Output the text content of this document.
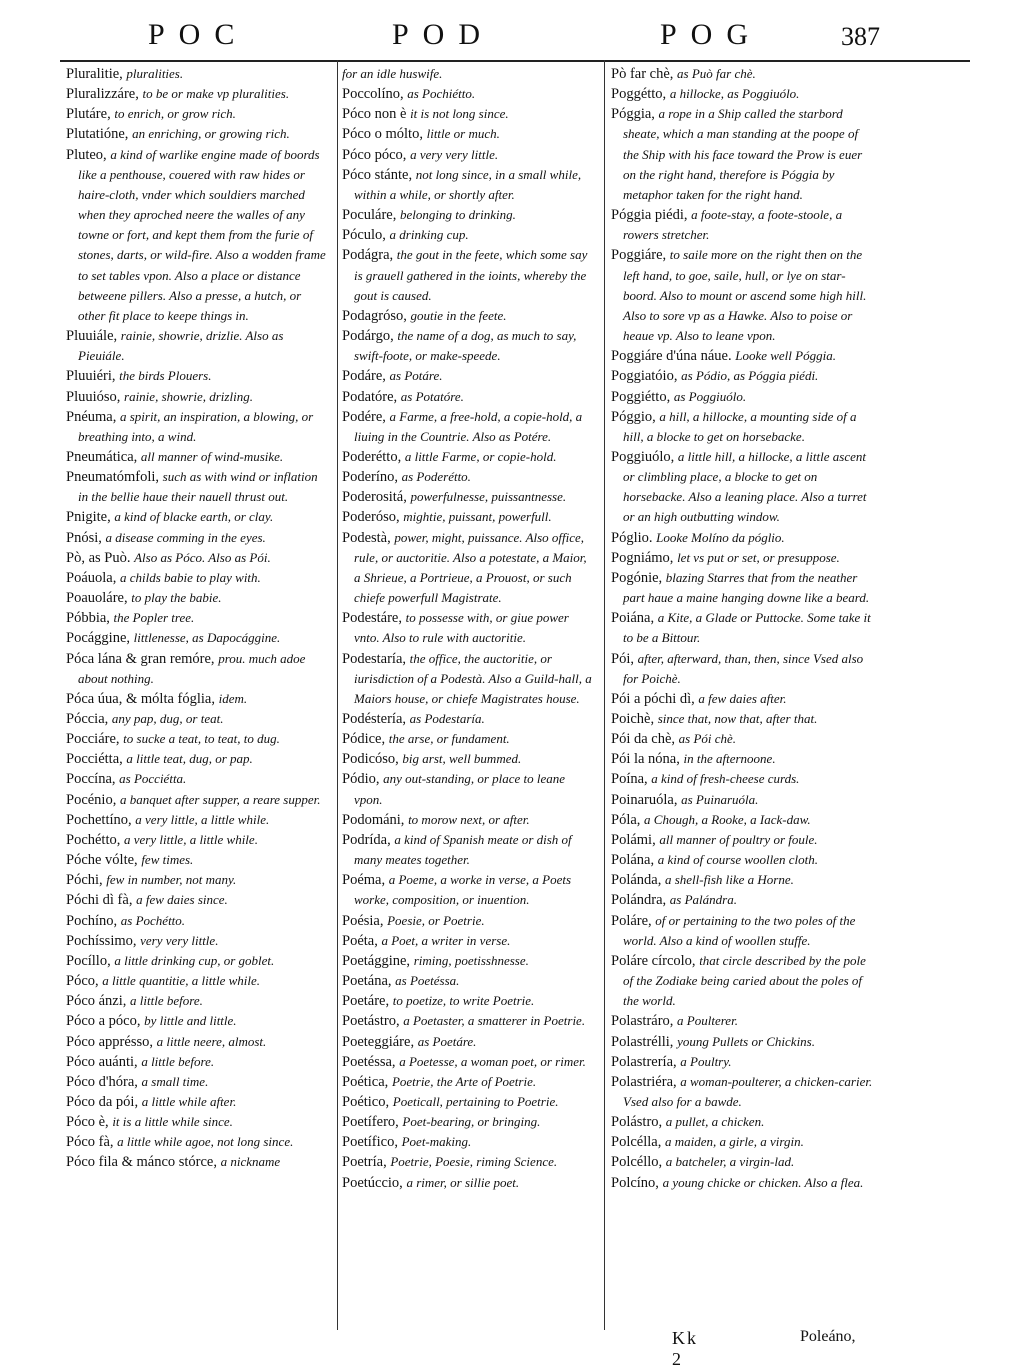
POC	POD	POG	387

Pluralitie, pluralities.

Pluralizzáre, to be or make vp pluralities.

Plutáre, to enrich, or grow rich.

Plutatióne, an enriching, or growing rich.

Pluteo, a kind of warlike engine made of boords like a penthouse, couered with raw hides or haire-cloth, vnder which souldiers marched when they aproched neere the walles of any towne or fort, and kept them from the furie of stones, darts, or wild-fire. Also a wodden frame to set tables vpon. Also a place or distance betweene pillers. Also a presse, a hutch, or other fit place to keepe things in.

Pluuiále, rainie, showrie, drizlie. Also as Pieuiále.

Pluuiéri, the birds Plouers.

Pluuióso, rainie, showrie, drizling.

Pnéuma, a spirit, an inspiration, a blowing, or breathing into, a wind.

Pneumática, all manner of wind-musike.

Pneumatómfoli, such as with wind or inflation in the bellie haue their nauell thrust out.

Pnigite, a kind of blacke earth, or clay.

Pnósi, a disease comming in the eyes.

Pò, as Può. Also as Póco. Also as Pói.

Poáuola, a childs babie to play with.

Poauoláre, to play the babie.

Póbbia, the Popler tree.

Pocággine, littlenesse, as Dapocággine.

Póca lána & gran remóre, prou. much adoe about nothing.

Póca úua, & mólta fóglia, idem.

Póccia, any pap, dug, or teat.

Pocciáre, to sucke a teat, to teat, to dug.

Pocciétta, a little teat, dug, or pap.

Poccína, as Pocciétta.

Pocénio, a banquet after supper, a reare supper.

Pochettíno, a very little, a little while.

Pochétto, a very little, a little while.

Póche vólte, few times.

Póchi, few in number, not many.

Póchi dì fà, a few daies since.

Pochíno, as Pochétto.

Pochíssimo, very very little.

Pocíllo, a little drinking cup, or goblet.

Póco, a little quantitie, a little while.

Póco ánzi, a little before.

Póco a póco, by little and little.

Póco apprésso, a little neere, almost.

Póco auánti, a little before.

Póco d'hóra, a small time.

Póco da pói, a little while after.

Póco è, it is a little while since.

Póco fà, a little while agoe, not long since.

Póco fila & mánco stórce, a nickname

for an idle huswife.

Poccolíno, as Pochiétto.

Póco non è it is not long since.

Póco o mólto, little or much.

Póco póco, a very very little.

Póco stánte, not long since, in a small while, within a while, or shortly after.

Poculáre, belonging to drinking.

Póculo, a drinking cup.

Podágra, the gout in the feete, which some say is grauell gathered in the ioints, whereby the gout is caused.

Podagróso, goutie in the feete.

Podárgo, the name of a dog, as much to say, swift-foote, or make-speede.

Podáre, as Potáre.

Podatóre, as Potatóre.

Podére, a Farme, a free-hold, a copie-hold, a liuing in the Countrie. Also as Potére.

Poderétto, a little Farme, or copie-hold.

Poderíno, as Poderétto.

Poderositá, powerfulnesse, puissantnesse.

Poderóso, mightie, puissant, powerfull.

Podestà, power, might, puissance. Also office, rule, or auctoritie. Also a potestate, a Maior, a Shrieue, a Portrieue, a Prouost, or such chiefe powerfull Magistrate.

Podestáre, to possesse with, or giue power vnto. Also to rule with auctoritie.

Podestaría, the office, the auctoritie, or iurisdiction of a Podestà. Also a Guild-hall, a Maiors house, or chiefe Magistrates house.

Podéstería, as Podestaría.

Pódice, the arse, or fundament.

Podicóso, big arst, well bummed.

Pódio, any out-standing, or place to leane vpon.

Podománi, to morow next, or after.

Podrída, a kind of Spanish meate or dish of many meates together.

Poéma, a Poeme, a worke in verse, a Poets worke, composition, or inuention.

Poésia, Poesie, or Poetrie.

Poéta, a Poet, a writer in verse.

Poetággine, riming, poetisshnesse.

Poetána, as Poetéssa.

Poetáre, to poetize, to write Poetrie.

Poetástro, a Poetaster, a smatterer in Poetrie.

Poeteggiáre, as Poetáre.

Poetéssa, a Poetesse, a woman poet, or rimer.

Poética, Poetrie, the Arte of Poetrie.

Poético, Poeticall, pertaining to Poetrie.

Poetífero, Poet-bearing, or bringing.

Poetífico, Poet-making.

Poetría, Poetrie, Poesie, riming Science.

Poetúccio, a rimer, or sillie poet.

Pò far chè, as Può far chè.

Poggétto, a hillocke, as Poggiuólo.

Póggia, a rope in a Ship called the starbord sheate, which a man standing at the poope of the Ship with his face toward the Prow is euer on the right hand, therefore is Póggia by metaphor taken for the right hand.

Póggia piédi, a foote-stay, a foote-stoole, a rowers stretcher.

Poggiáre, to saile more on the right then on the left hand, to goe, saile, hull, or lye on star-boord. Also to mount or ascend some high hill. Also to sore vp as a Hawke. Also to poise or heaue vp. Also to leane vpon.

Poggiáre d'úna náue. Looke well Póggia.

Poggiatóio, as Pódio, as Póggia piédi.

Poggiétto, as Poggiuólo.

Póggio, a hill, a hillocke, a mounting side of a hill, a blocke to get on horsebacke.

Poggiuólo, a little hill, a hillocke, a little ascent or climbling place, a blocke to get on horsebacke. Also a leaning place. Also a turret or an high outbutting window.

Póglio. Looke Molíno da póglio.

Pogniámo, let vs put or set, or presuppose.

Pogónie, blazing Starres that from the neather part haue a maine hanging downe like a beard.

Poiána, a Kite, a Glade or Puttocke. Some take it to be a Bittour.

Pói, after, afterward, than, then, since Vsed also for Poichè.

Pói a póchi dì, a few daies after.

Poichè, since that, now that, after that.

Pói da chè, as Pói chè.

Pói la nóna, in the afternoone.

Poína, a kind of fresh-cheese curds.

Poinaruóla, as Puinaruóla.

Póla, a Chough, a Rooke, a Iack-daw.

Polámi, all manner of poultry or foule.

Polána, a kind of course woollen cloth.

Polánda, a shell-fish like a Horne.

Polándra, as Palándra.

Poláre, of or pertaining to the two poles of the world. Also a kind of woollen stuffe.

Poláre círcolo, that circle described by the pole of the Zodiake being caried about the poles of the world.

Polastráro, a Poulterer.

Polastrélli, young Pullets or Chickins.

Polastrería, a Poultry.

Polastriéra, a woman-poulterer, a chicken-carier. Vsed also for a bawde.

Polástro, a pullet, a chicken.

Polcélla, a maiden, a girle, a virgin.

Polcéllo, a batcheler, a virgin-lad.

Polcíno, a young chicke or chicken. Also a flea.

Kk 2
Poleáno,
